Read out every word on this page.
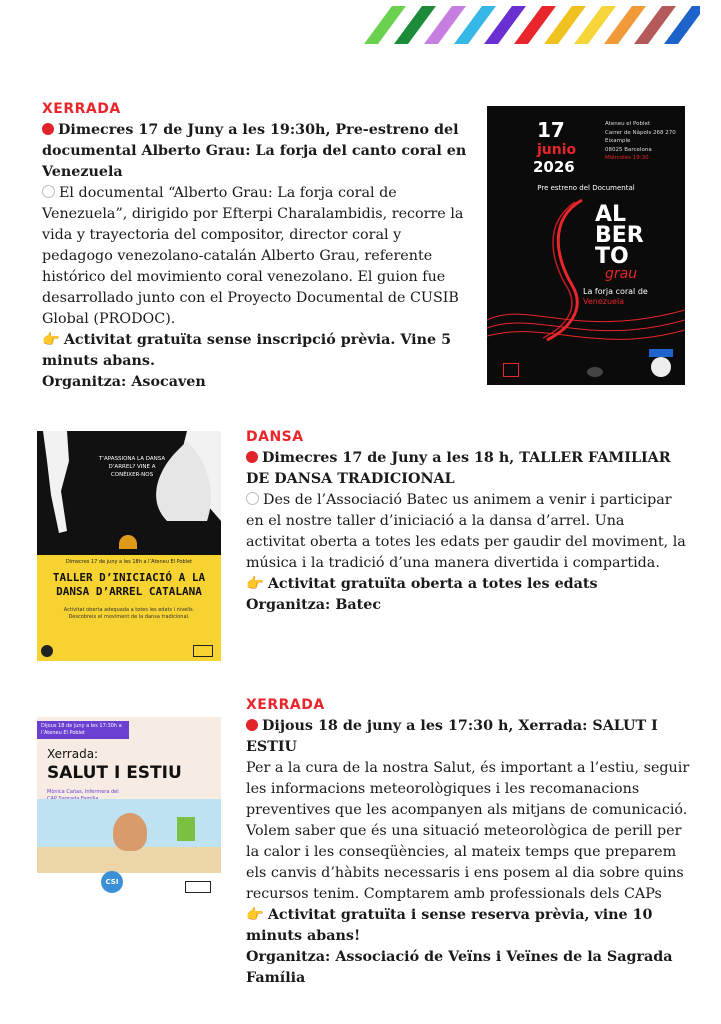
XERRADA
Dimecres 17 de Juny a les 19:30h, Pre-estreno del documental Alberto Grau: La forja del canto coral en Venezuela
El documental “Alberto Grau: La forja coral de Venezuela”, dirigido por Efterpi Charalambidis, recorre la vida y trayectoria del compositor, director coral y pedagogo venezolano-catalán Alberto Grau, referente histórico del movimiento coral venezolano. El guion fue desarrollado junto con el Proyecto Documental de CUSIB Global (PRODOC).
👉 Activitat gratuïta sense inscripció prèvia. Vine 5 minuts abans.
Organitza: Asocaven
17
junio
2026
Ateneu el Poblet
Carrer de Nàpols 268 270
Eixample
08025 Barcelona
Miércoles 19:30
Pre estreno del Documental
AL
BER
TO
grau
La forja coral de
Venezuela
T’APASSIONA LA DANSA D’ARREL? VINE A CONÈIXER-NOS
Dimecres 17 de juny a les 18h a l’Ateneu El Poblet
TALLER D’INICIACIÓ A LA DANSA D’ARREL CATALANA
Activitat oberta adequada a totes les edats i nivells. Descobreix el moviment de la dansa tradicional.
DANSA
Dimecres 17 de Juny a les 18 h, TALLER FAMILIAR DE DANSA TRADICIONAL
Des de l’Associació Batec us animem a venir i participar en el nostre taller d’iniciació a la dansa d’arrel. Una activitat oberta a totes les edats per gaudir del moviment, la música i la tradició d’una manera divertida i compartida.
👉 Activitat gratuïta oberta a totes les edats
Organitza: Batec
Dijous 18 de juny a les 17:30h a l’Ateneu El Poblet
Xerrada:
SALUT I ESTIU
Mònica Cañas, Infermera del
CSI
XERRADA
Dijous 18 de juny a les 17:30 h, Xerrada: SALUT I ESTIU
Per a la cura de la nostra Salut, és important a l’estiu, seguir les informacions meteorològiques i les recomanacions preventives que les acompanyen als mitjans de comunicació. Volem saber que és una situació meteorològica de perill per la calor i les conseqüències, al mateix temps que preparem els canvis d’hàbits necessaris i ens posem al dia sobre quins recursos tenim. Comptarem amb professionals dels CAPs
👉 Activitat gratuïta i sense reserva prèvia, vine 10 minuts abans!
Organitza: Associació de Veïns i Veïnes de la Sagrada Família
